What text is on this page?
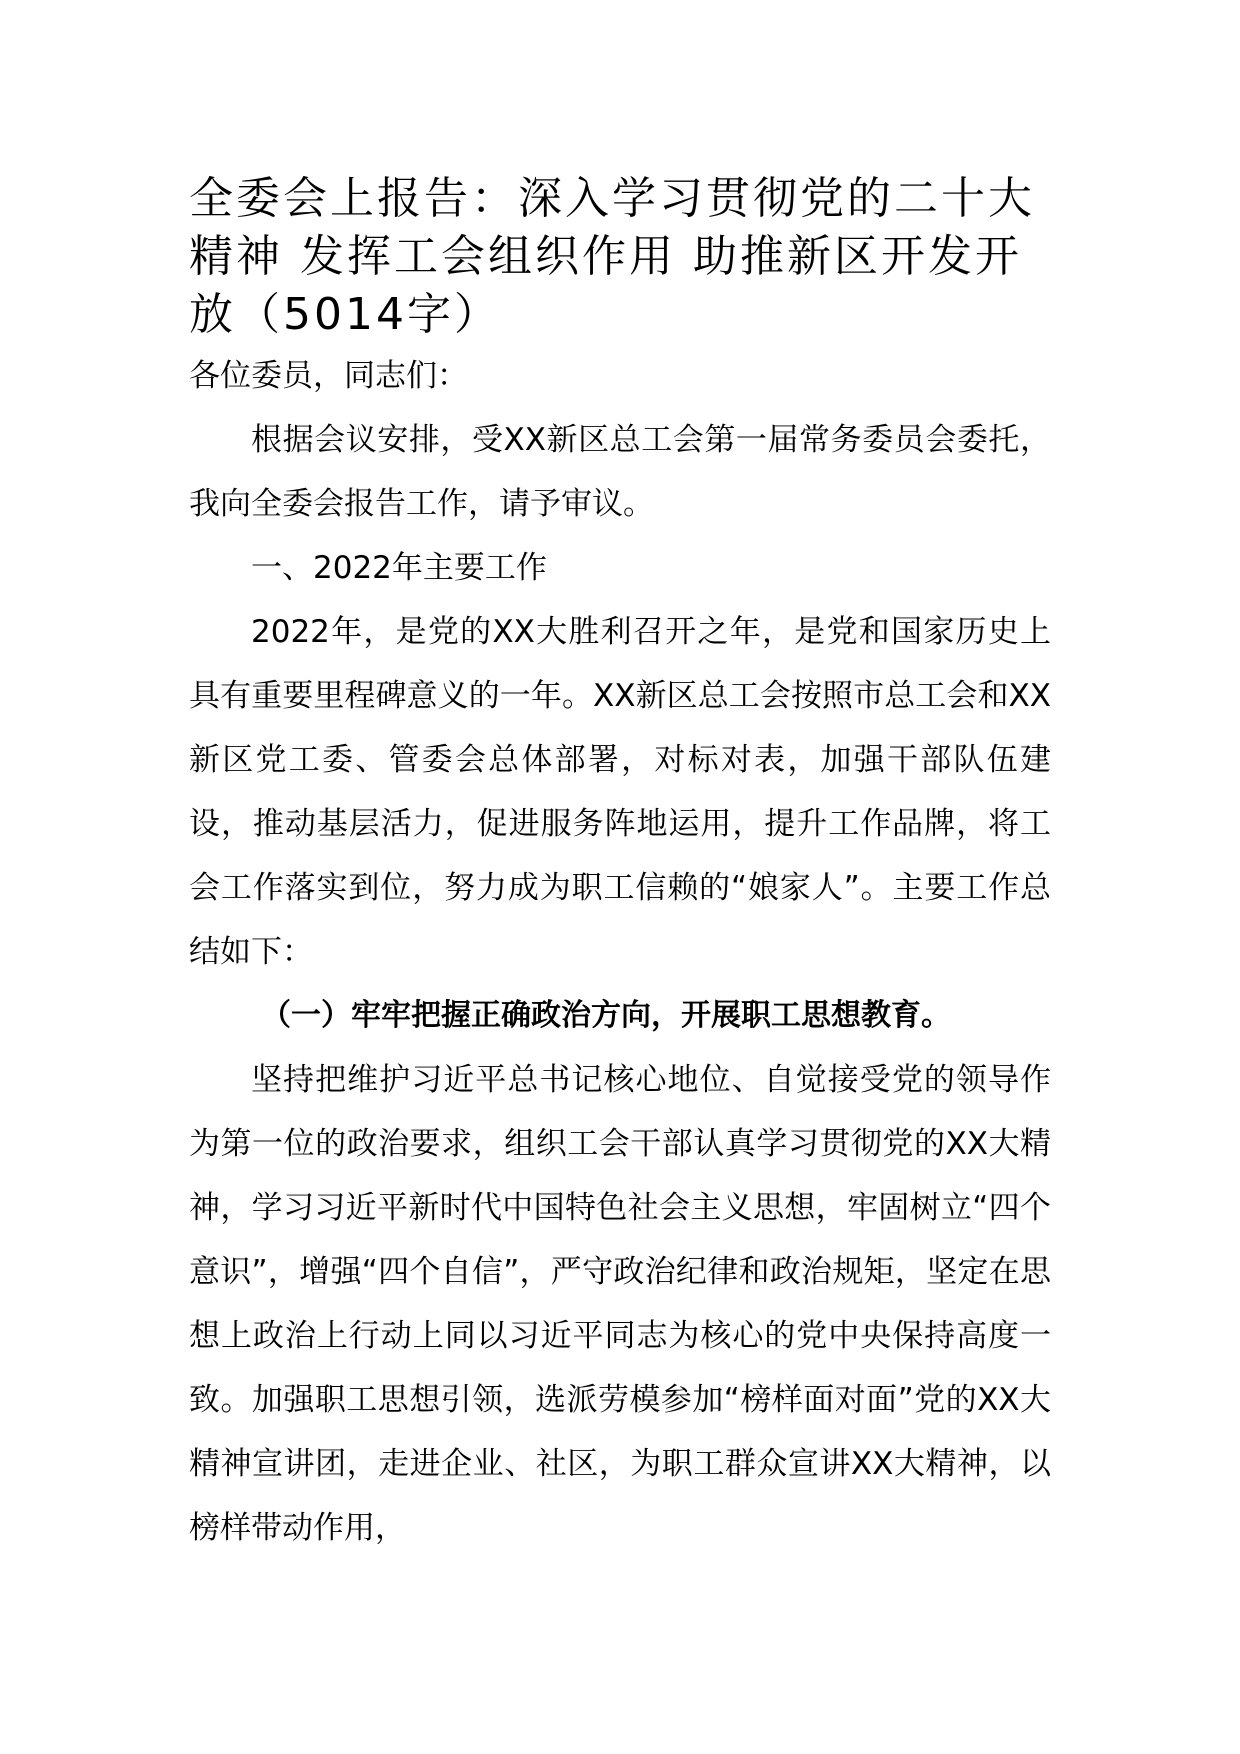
全委会上报告：深入学习贯彻党的二十大精神 发挥工会组织作用 助推新区开发开放（5014字）

各位委员，同志们：

根据会议安排，受XX新区总工会第一届常务委员会委托，我向全委会报告工作，请予审议。

一、2022年主要工作

2022年，是党的XX大胜利召开之年，是党和国家历史上具有重要里程碑意义的一年。XX新区总工会按照市总工会和XX新区党工委、管委会总体部署，对标对表，加强干部队伍建设，推动基层活力，促进服务阵地运用，提升工作品牌，将工会工作落实到位，努力成为职工信赖的“娘家人”。主要工作总结如下：

（一）牢牢把握正确政治方向，开展职工思想教育。

坚持把维护习近平总书记核心地位、自觉接受党的领导作为第一位的政治要求，组织工会干部认真学习贯彻党的XX大精神，学习习近平新时代中国特色社会主义思想，牢固树立“四个意识”，增强“四个自信”，严守政治纪律和政治规矩，坚定在思想上政治上行动上同以习近平同志为核心的党中央保持高度一致。加强职工思想引领，选派劳模参加“榜样面对面”党的XX大精神宣讲团，走进企业、社区，为职工群众宣讲XX大精神，以榜样带动作用，
